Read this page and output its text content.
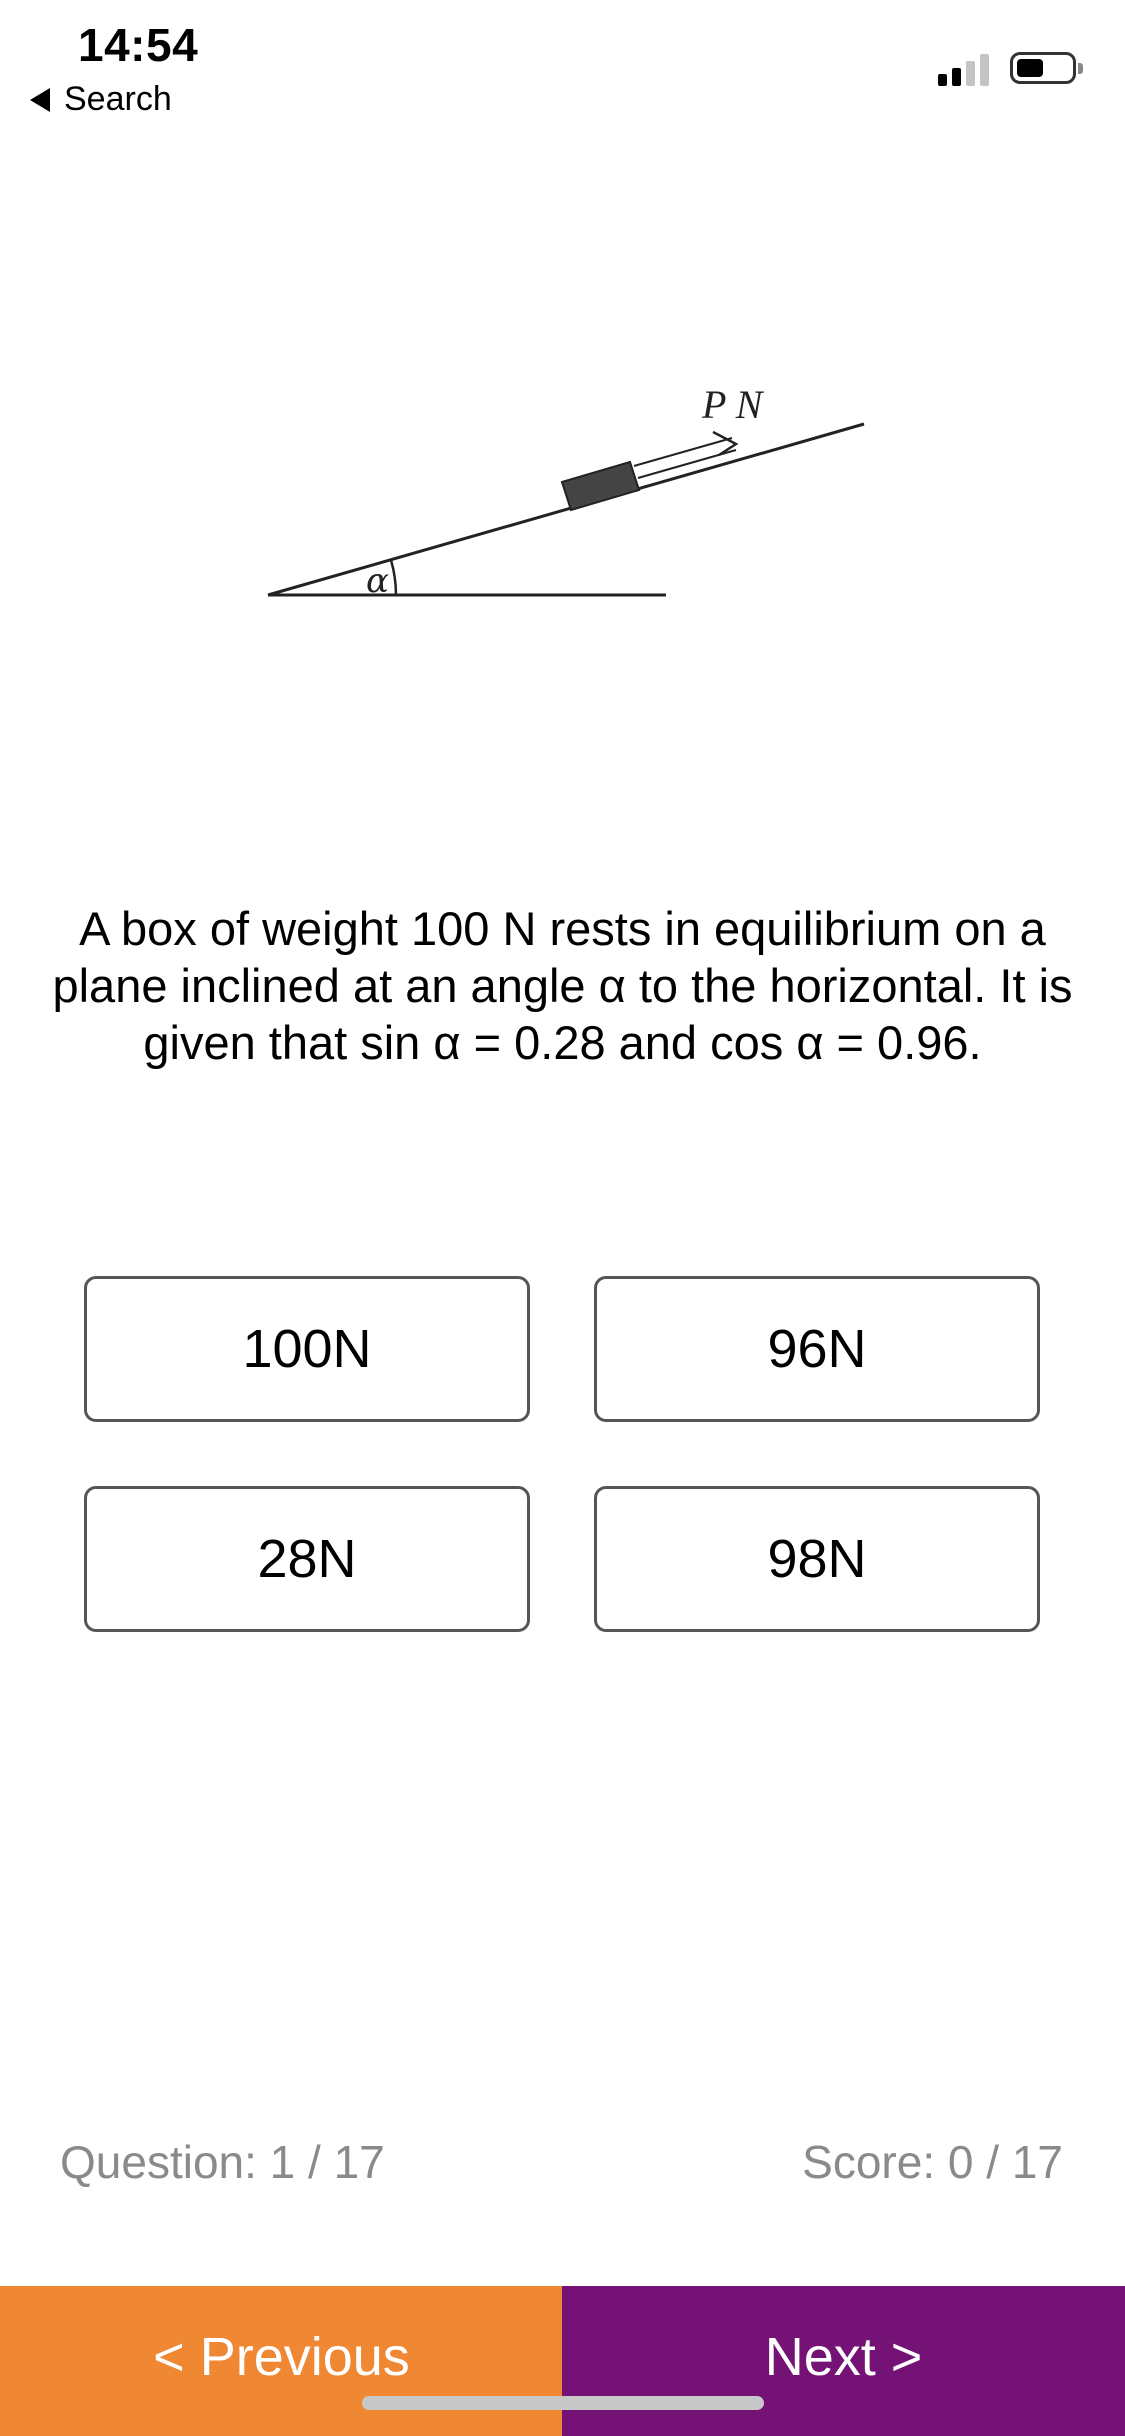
14:54
Search
P N
α
A box of weight 100 N rests in equilibrium on a plane inclined at an angle α to the horizontal. It is given that sin α = 0.28 and cos α = 0.96.
100N	96N
28N	98N
Question: 1 / 17	Score: 0 / 17
< Previous	Next >
